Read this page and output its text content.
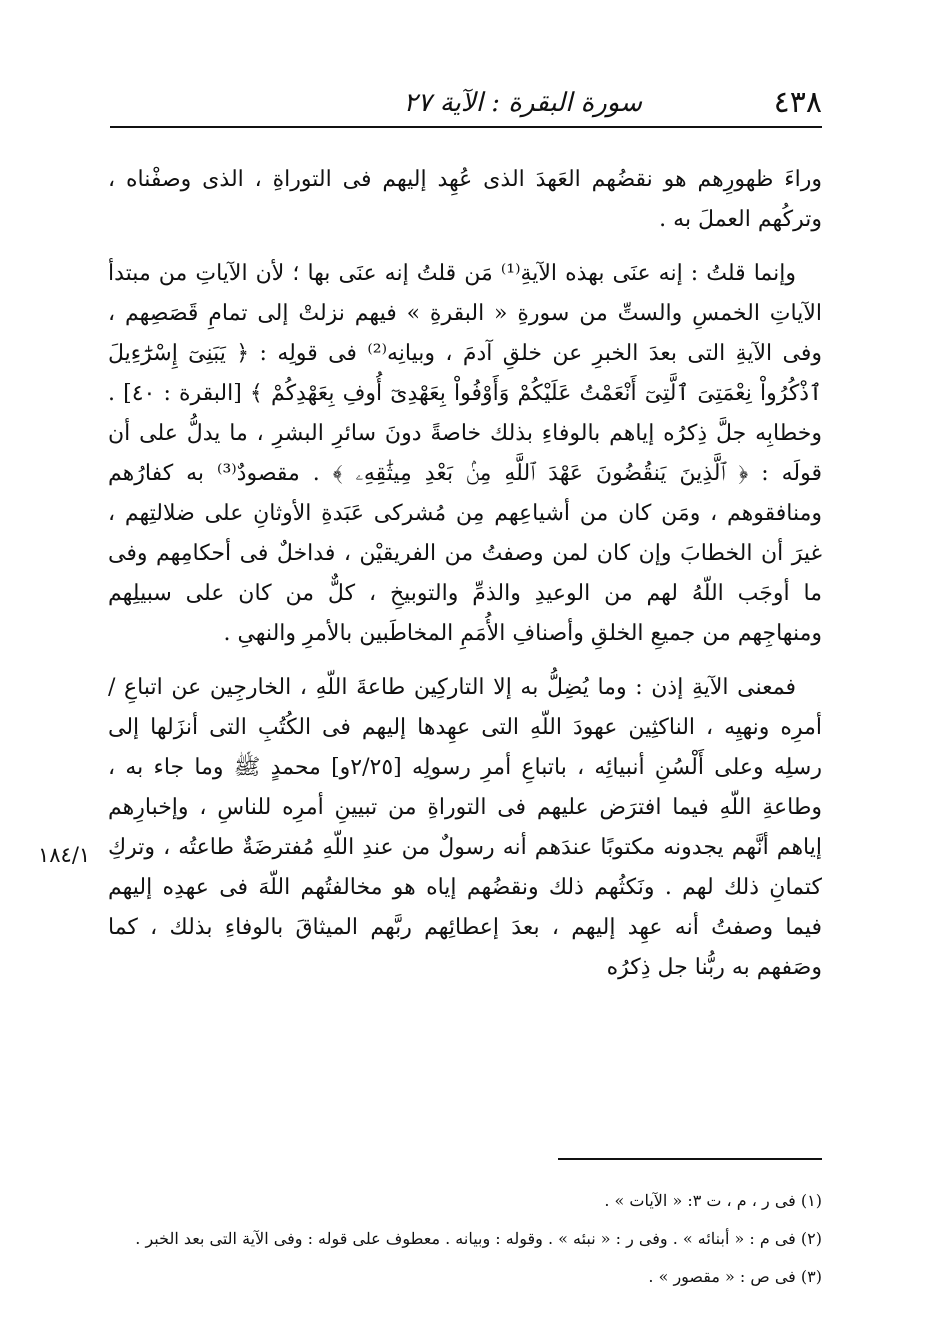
٤٣٨
سورة البقرة : الآية ٢٧

وراءَ ظهورِهم هو نقضُهم العَهدَ الذى عُهِد إليهم فى التوراةِ ، الذى وصفْناه ، وتركُهم العملَ به .

وإنما قلتُ : إنه عنَى بهذه الآيةِ⁽¹⁾ مَن قلتُ إنه عنَى بها ؛ لأن الآياتِ من مبتدأ الآياتِ الخمسِ والستِّ من سورةِ « البقرةِ » فيهم نزلتْ إلى تمامِ قَصَصِهم ، وفى الآيةِ التى بعدَ الخبرِ عن خلقِ آدمَ ، وبيانِه⁽²⁾ فى قولِه : ﴿ يَبَنِىٓ إِسْرَٰٓءِيلَ ٱذْكُرُواْ نِعْمَتِىَ ٱلَّتِىٓ أَنْعَمْتُ عَلَيْكُمْ وَأَوْفُواْ بِعَهْدِىٓ أُوفِ بِعَهْدِكُمْ ﴾ [البقرة : ٤٠] . وخطابِه جلَّ ذِكرُه إياهم بالوفاءِ بذلك خاصةً دونَ سائرِ البشرِ ، ما يدلُّ على أن قولَه : ﴿ ٱلَّذِينَ يَنقُضُونَ عَهْدَ ٱللَّهِ مِنۢ بَعْدِ مِيثَٰقِهِۦ ﴾ . مقصودٌ⁽³⁾ به كفارُهم ومنافقوهم ، ومَن كان من أشياعِهم مِن مُشركى عَبَدةِ الأوثانِ على ضلالتِهم ، غيرَ أن الخطابَ وإن كان لمن وصفتُ من الفريقيْن ، فداخلٌ فى أحكامِهم وفى ما أوجَب اللّهُ لهم من الوعيدِ والذمِّ والتوبيخِ ، كلٌّ من كان على سبيلِهم ومنهاجِهم من جميعِ الخلقِ وأصنافِ الأُمَمِ المخاطَبين بالأمرِ والنهىِ .

فمعنى الآيةِ إذن : وما يُضِلُّ به إلا التاركِين طاعةَ اللّهِ ، الخارجِين عن اتباعِ / أمرِه ونهيِه ، الناكثِين عهودَ اللّهِ التى عهِدها إليهم فى الكُتُبِ التى أنزَلها إلى رسلِه وعلى أَلْسُنِ أنبيائِه ، باتباعِ أمرِ رسولِه [٢/٢٥و] محمدٍ ﷺ وما جاء به ، وطاعةِ اللّهِ فيما افترَض عليهم فى التوراةِ من تبيينِ أمرِه للناسِ ، وإخبارِهم إياهم أنَّهم يجدونه مكتوبًا عندَهم أنه رسولٌ من عندِ اللّهِ مُفترضَةٌ طاعتُه ، وتركِ كتمانِ ذلك لهم . ونَكثُهم ذلك ونقضُهم إياه هو مخالفتُهم اللّهَ فى عهدِه إليهم فيما وصفتُ أنه عهِد إليهم ، بعدَ إعطائِهم ربَّهم الميثاقَ بالوفاءِ بذلك ، كما وصَفهم به ربُّنا جل ذِكرُه

١٨٤/١

(١) فى ر ، م ، ت ٣: « الآيات » .

(٢) فى م : « أبنائه » . وفى ر : « نبئه » . وقوله : وبيانه . معطوف على قوله : وفى الآية التى بعد الخبر .

(٣) فى ص : « مقصور » .
